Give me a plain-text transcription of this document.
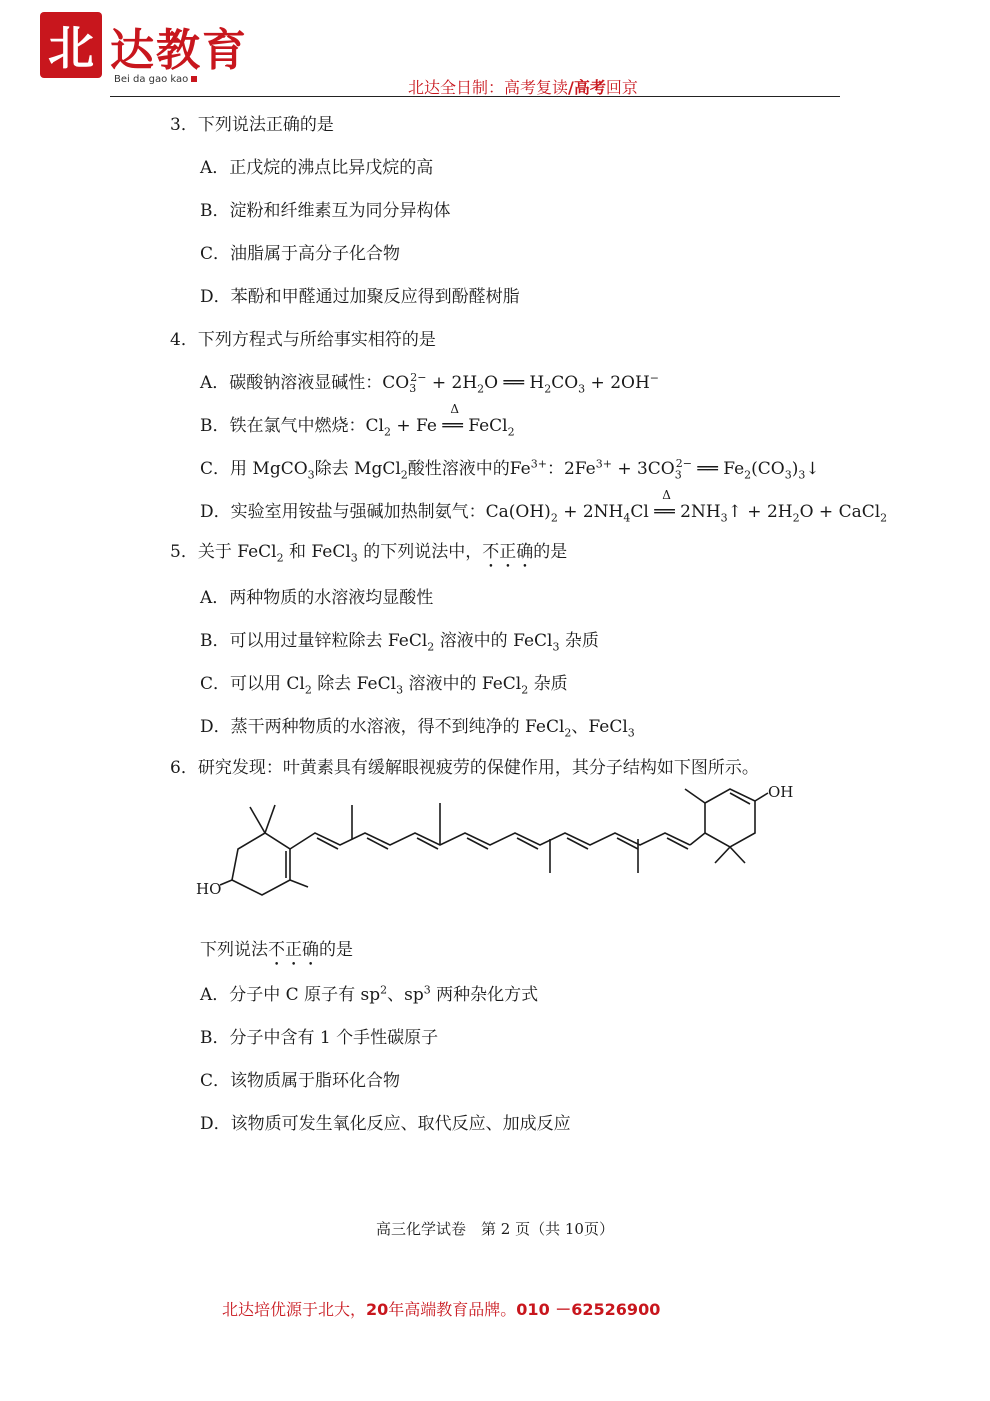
北 达教育
Bei da gao kao	北达全日制：高考复读/高考回京
3．下列说法正确的是
A．正戊烷的沸点比异戊烷的高
B．淀粉和纤维素互为同分异构体
C．油脂属于高分子化合物
D．苯酚和甲醛通过加聚反应得到酚醛树脂
4．下列方程式与所给事实相符的是
A．碳酸钠溶液显碱性：$CO_3^{2-} + 2H_2O$ ══ $H_2CO_3 + 2OH^-$
B．铁在氯气中燃烧：$Cl_2 + Fe$
Δ
══ FeCl$_2$
C．用 MgCO$_3$除去 MgCl$_2$酸性溶液中的$Fe^{3+}$：$2Fe^{3+} + 3CO_3^{2-}$ ══ $Fe_2(CO_3)_3↓$
D．实验室用铵盐与强碱加热制氨气：$Ca(OH)_2 + 2NH_4Cl$
Δ
══ $2NH_3↑ + 2H_2O$ + CaCl$_2$
5．关于 FeCl$_2$ 和 FeCl$_3$ 的下列说法中，不正确的是
A．两种物质的水溶液均显酸性
B．可以用过量锌粒除去 FeCl$_2$ 溶液中的 FeCl$_3$ 杂质
C．可以用 $Cl_2$ 除去 FeCl$_3$ 溶液中的 FeCl$_2$ 杂质
D．蒸干两种物质的水溶液，得不到纯净的 FeCl$_2$、FeCl$_3$
6．研究发现：叶黄素具有缓解眼视疲劳的保健作用，其分子结构如下图所示。
OH
HO
下列说法不正确的是
A．分子中 C 原子有 $sp^2$、$sp^3$ 两种杂化方式
B．分子中含有 1 个手性碳原子
C．该物质属于脂环化合物
D．该物质可发生氧化反应、取代反应、加成反应
高三化学试卷　第 2 页（共 10页）
北达培优源于北大，20年高端教育品牌。010 －62526900
